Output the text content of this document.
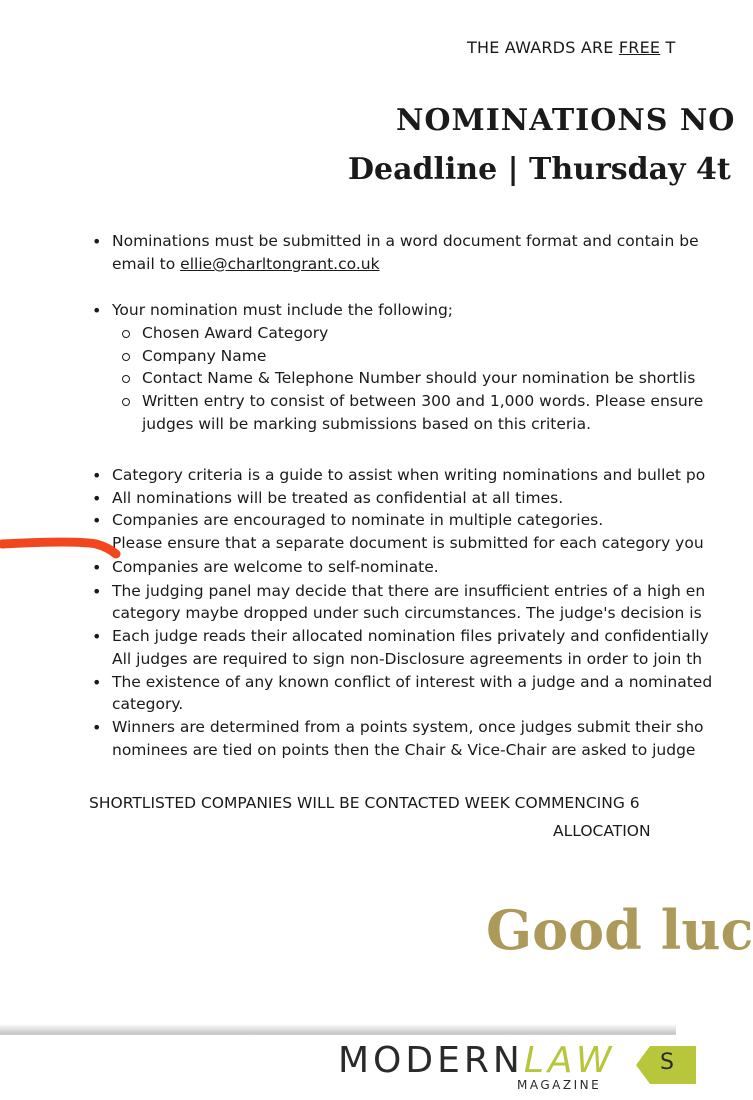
THE AWARDS ARE FREE T
NOMINATIONS NO
Deadline | Thursday 4t
• Nominations must be submitted in a word document format and contain be
email to ellie@charltongrant.co.uk
• Your nomination must include the following;
Chosen Award Category
Company Name
Contact Name & Telephone Number should your nomination be shortlis
Written entry to consist of between 300 and 1,000 words. Please ensure
judges will be marking submissions based on this criteria.
• Category criteria is a guide to assist when writing nominations and bullet po
• All nominations will be treated as confidential at all times.
• Companies are encouraged to nominate in multiple categories.
• Please ensure that a separate document is submitted for each category you
• Companies are welcome to self-nominate.
• The judging panel may decide that there are insufficient entries of a high en
category maybe dropped under such circumstances. The judge's decision is
• Each judge reads their allocated nomination files privately and confidentially
All judges are required to sign non-Disclosure agreements in order to join th
• The existence of any known conflict of interest with a judge and a nominated
category.
• Winners are determined from a points system, once judges submit their sho
nominees are tied on points then the Chair & Vice-Chair are asked to judge
SHORTLISTED COMPANIES WILL BE CONTACTED WEEK COMMENCING 6
ALLOCATION
Good luc
MODERNLAW
MAGAZINE
S
